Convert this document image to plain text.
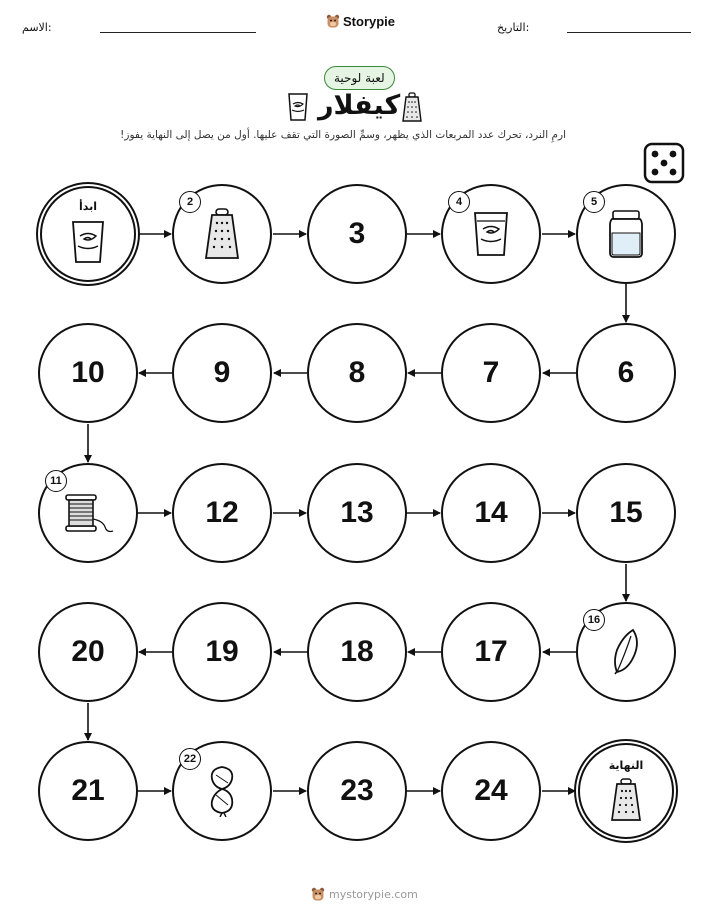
الاسم:	Storypie	التاريخ:
لعبة لوحية
كيفلار
ارمِ النرد، تحرك عدد المربعات الذي يظهر، وسمِّ الصورة التي تقف عليها. أول من يصل إلى النهاية يفوز!
ابدأ	2
3
4	5
6
7
8
9
10
11
12	13	14	15
16
17
18
19
20
21
22
23	24
النهاية
mystorypie.com
